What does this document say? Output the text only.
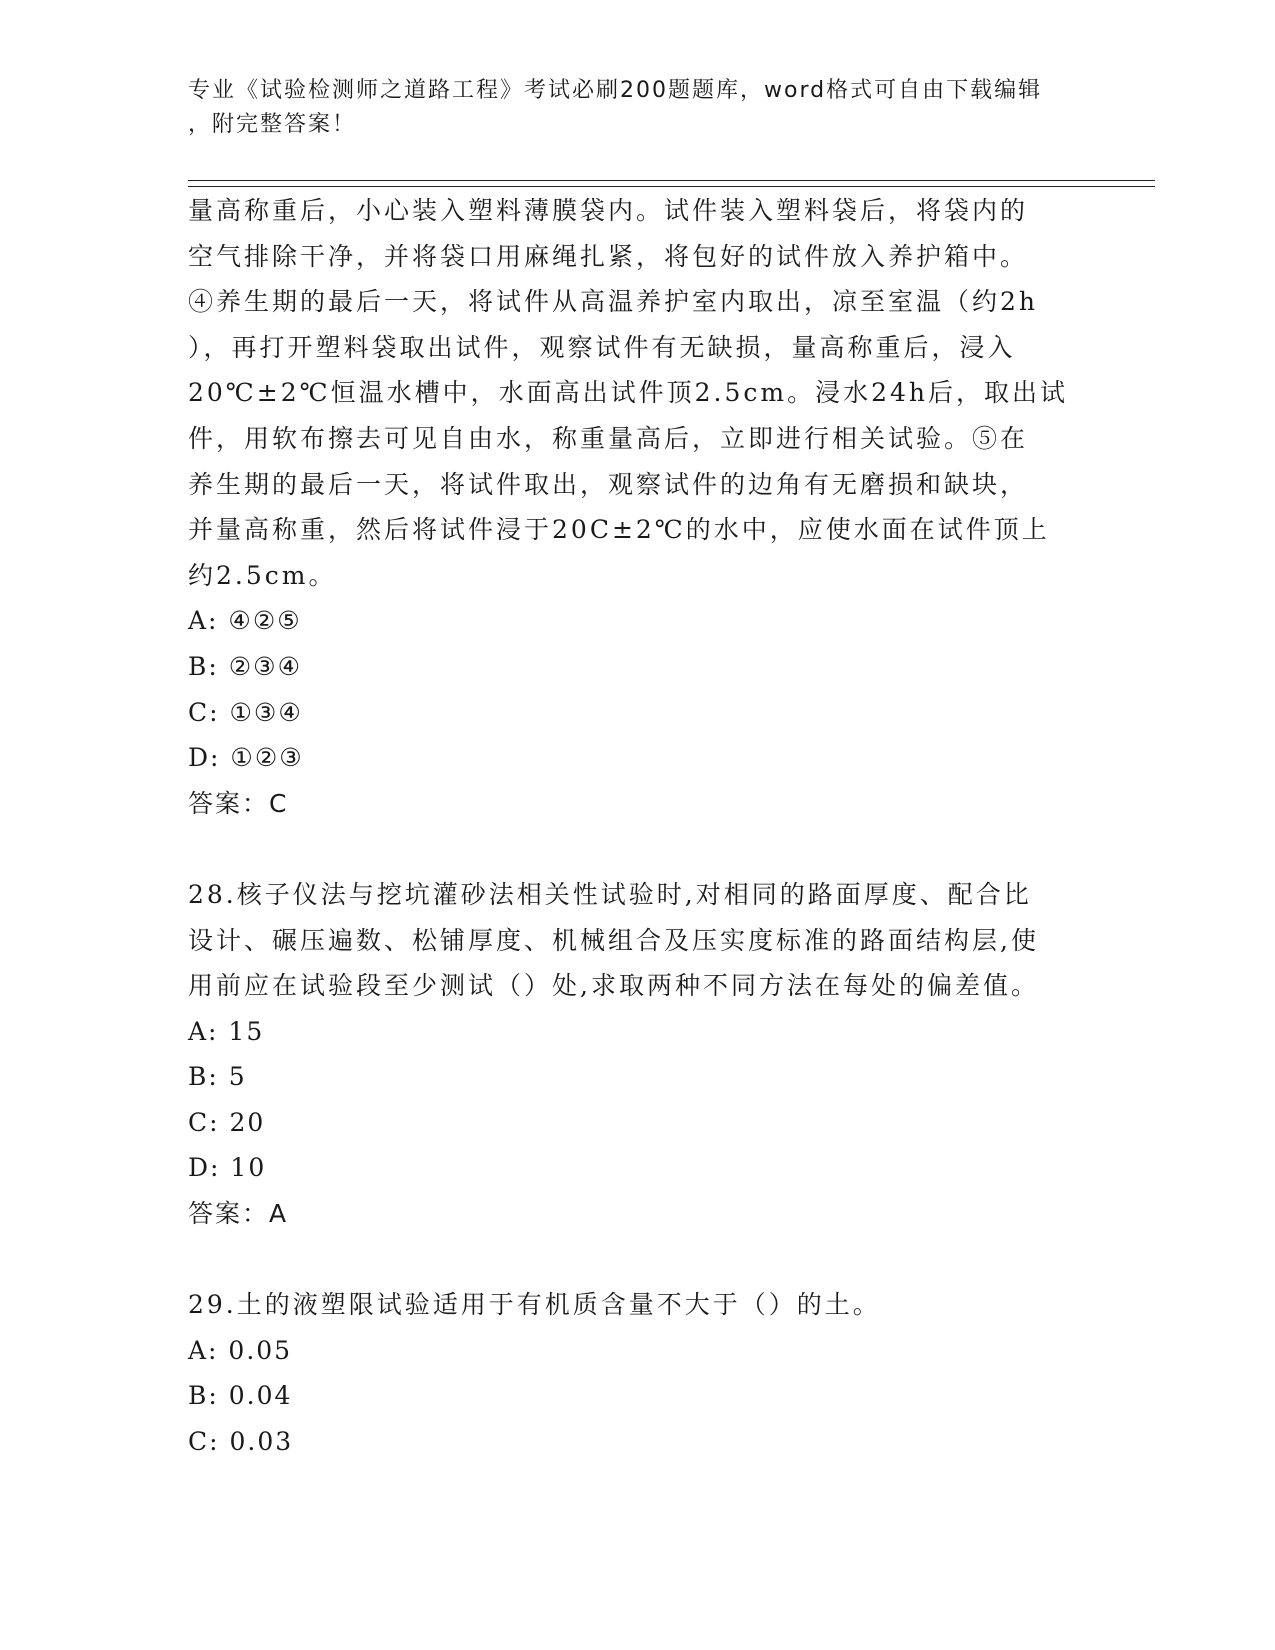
专业《试验检测师之道路工程》考试必刷200题题库，word格式可自由下载编辑
，附完整答案！
量高称重后，小心装入塑料薄膜袋内。试件装入塑料袋后，将袋内的
空气排除干净，并将袋口用麻绳扎紧，将包好的试件放入养护箱中。
④养生期的最后一天，将试件从高温养护室内取出，凉至室温（约2h
），再打开塑料袋取出试件，观察试件有无缺损，量高称重后，浸入
20℃±2℃恒温水槽中，水面高出试件顶2.5cm。浸水24h后，取出试
件，用软布擦去可见自由水，称重量高后，立即进行相关试验。⑤在
养生期的最后一天，将试件取出，观察试件的边角有无磨损和缺块，
并量高称重，然后将试件浸于20C±2℃的水中，应使水面在试件顶上
约2.5cm。
A: ④②⑤
B: ②③④
C: ①③④
D: ①②③
答案：C
28.核子仪法与挖坑灌砂法相关性试验时,对相同的路面厚度、配合比
设计、碾压遍数、松铺厚度、机械组合及压实度标准的路面结构层,使
用前应在试验段至少测试（）处,求取两种不同方法在每处的偏差值。
A: 15
B: 5
C: 20
D: 10
答案：A
29.土的液塑限试验适用于有机质含量不大于（）的土。
A: 0.05
B: 0.04
C: 0.03
